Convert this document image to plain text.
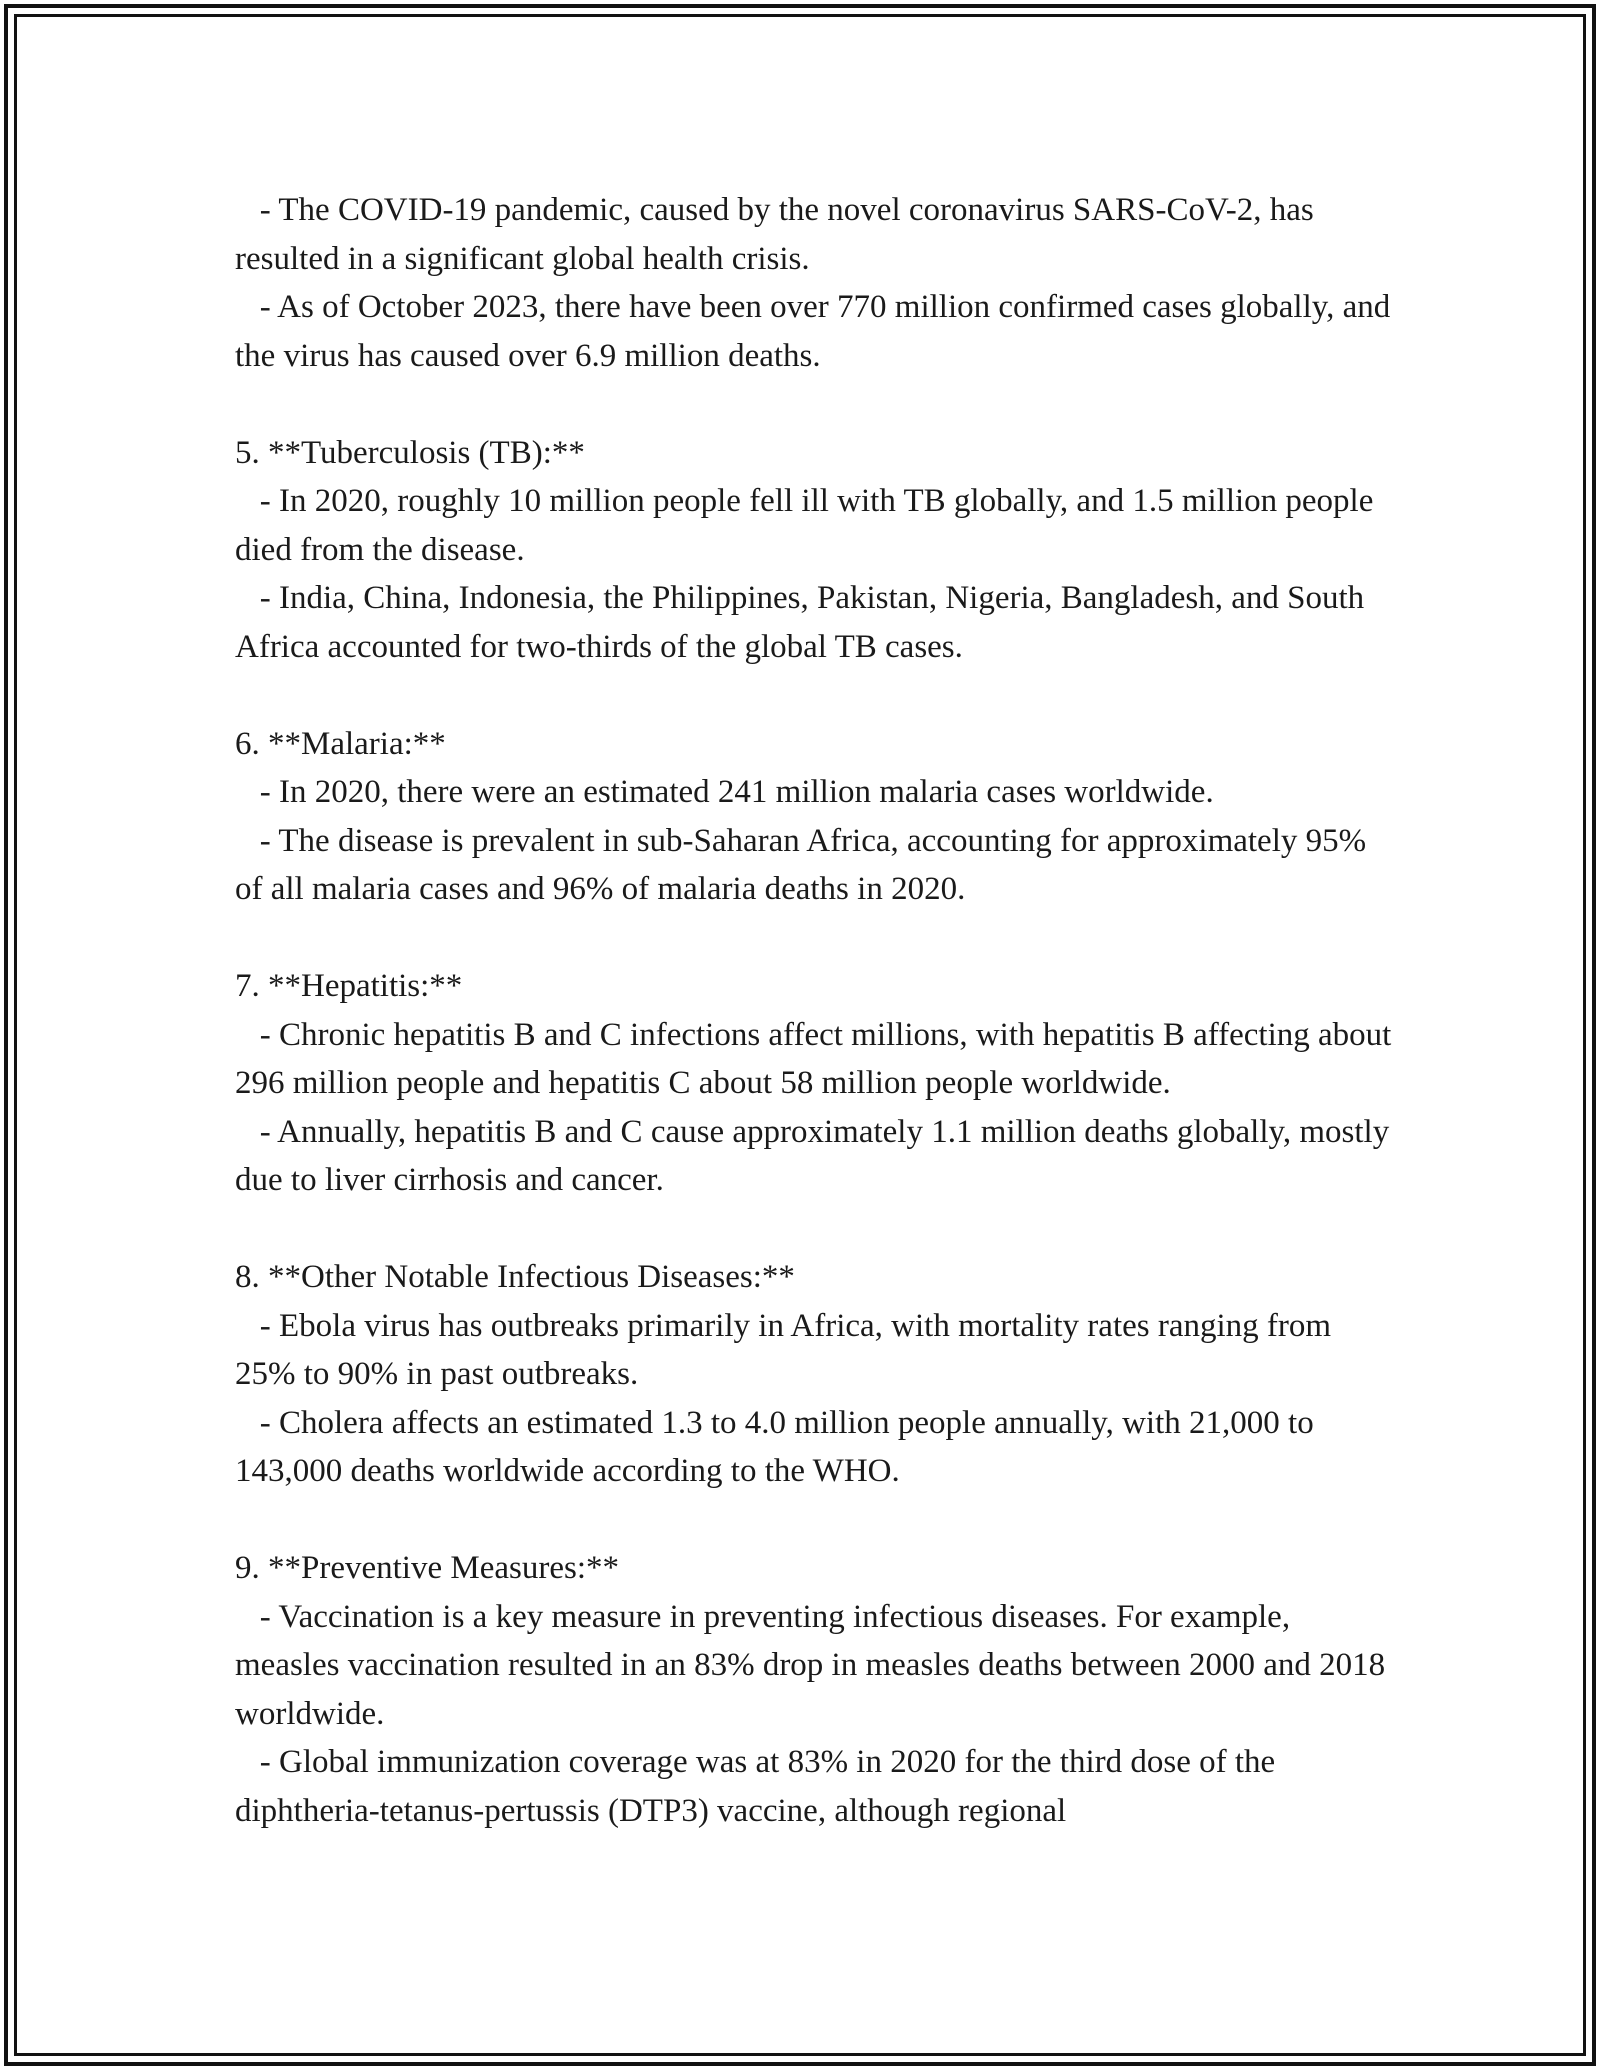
- The COVID-19 pandemic, caused by the novel coronavirus SARS-CoV-2, has resulted in a significant global health crisis.

- As of October 2023, there have been over 770 million confirmed cases globally, and the virus has caused over 6.9 million deaths.

5. **Tuberculosis (TB):**

- In 2020, roughly 10 million people fell ill with TB globally, and 1.5 million people died from the disease.

- India, China, Indonesia, the Philippines, Pakistan, Nigeria, Bangladesh, and South Africa accounted for two-thirds of the global TB cases.

6. **Malaria:**

- In 2020, there were an estimated 241 million malaria cases worldwide.

- The disease is prevalent in sub-Saharan Africa, accounting for approximately 95% of all malaria cases and 96% of malaria deaths in 2020.

7. **Hepatitis:**

- Chronic hepatitis B and C infections affect millions, with hepatitis B affecting about 296 million people and hepatitis C about 58 million people worldwide.

- Annually, hepatitis B and C cause approximately 1.1 million deaths globally, mostly due to liver cirrhosis and cancer.

8. **Other Notable Infectious Diseases:**

- Ebola virus has outbreaks primarily in Africa, with mortality rates ranging from 25% to 90% in past outbreaks.

- Cholera affects an estimated 1.3 to 4.0 million people annually, with 21,000 to 143,000 deaths worldwide according to the WHO.

9. **Preventive Measures:**

- Vaccination is a key measure in preventing infectious diseases. For example, measles vaccination resulted in an 83% drop in measles deaths between 2000 and 2018 worldwide.

- Global immunization coverage was at 83% in 2020 for the third dose of the diphtheria-tetanus-pertussis (DTP3) vaccine, although regional
